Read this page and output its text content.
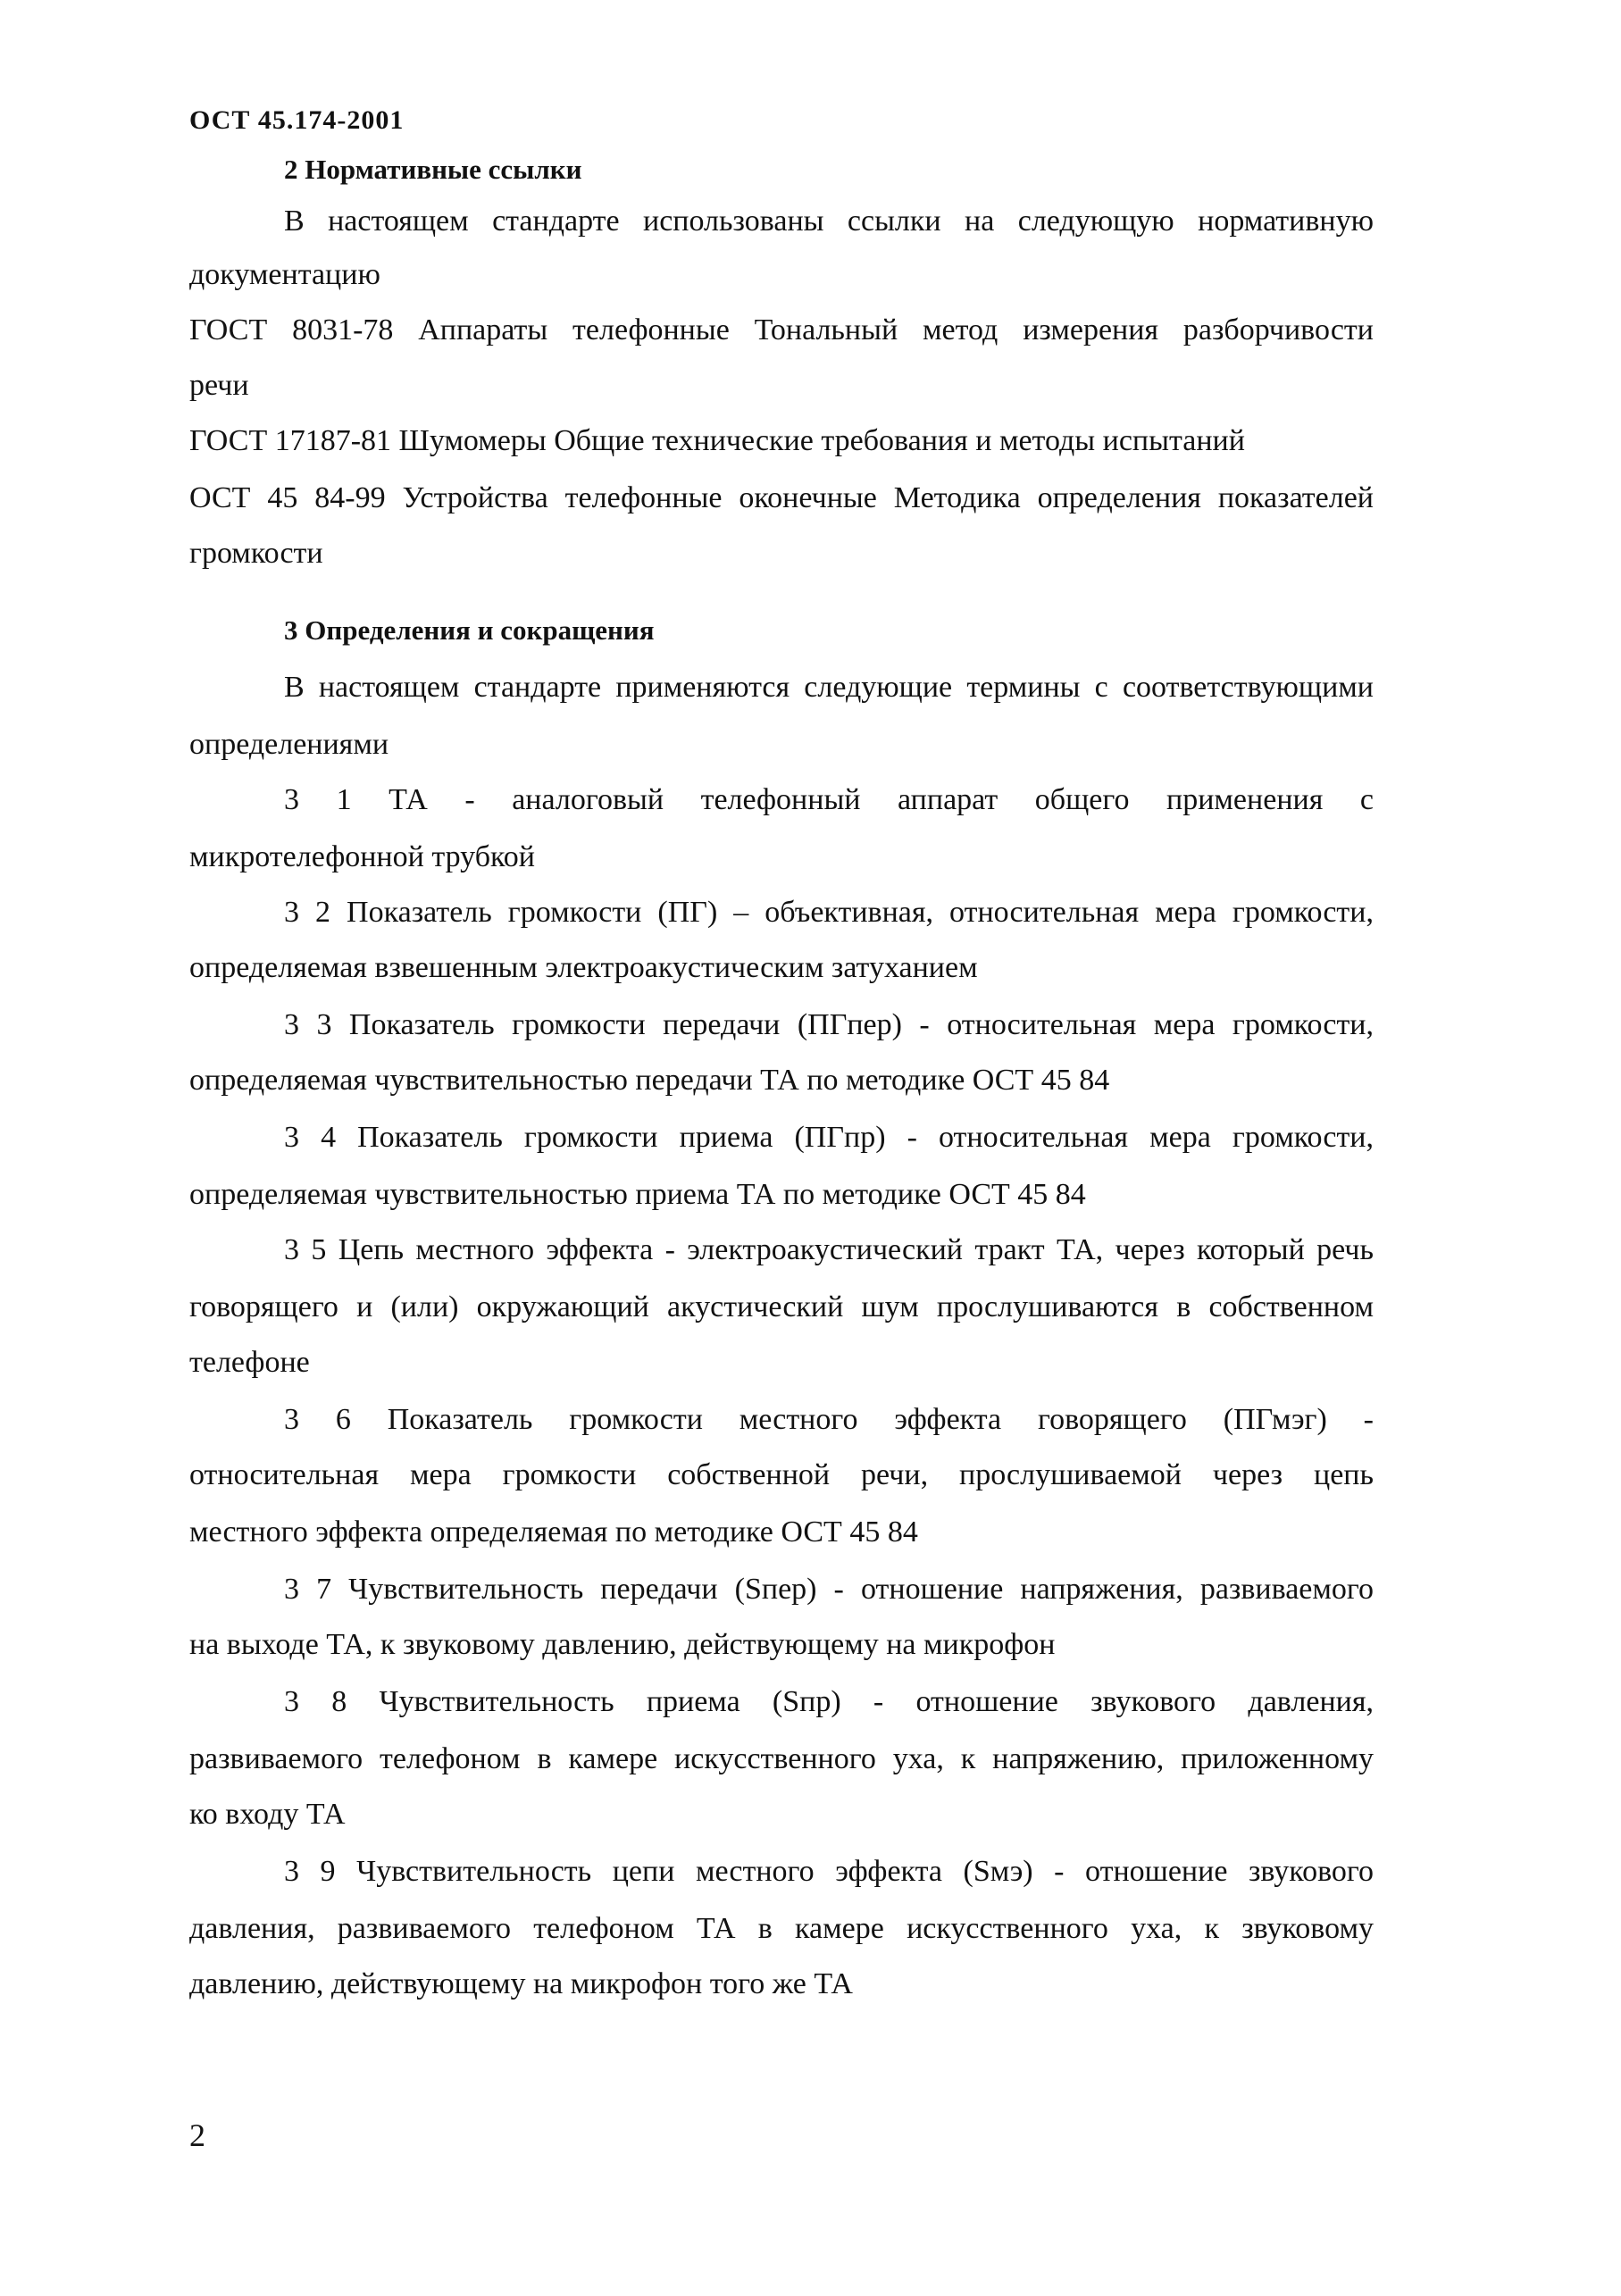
ОСТ 45.174-2001
2 Нормативные ссылки
В настоящем стандарте использованы ссылки на следующую нормативную
документацию
ГОСТ 8031-78 Аппараты телефонные Тональный метод измерения разборчивости
речи
ГОСТ 17187-81 Шумомеры Общие технические требования и методы испытаний
ОСТ 45 84-99 Устройства телефонные оконечные Методика определения показателей
громкости
3 Определения и сокращения
В настоящем стандарте применяются следующие термины с соответствующими
определениями
3 1 ТА - аналоговый телефонный аппарат общего применения с
микротелефонной трубкой
3 2 Показатель громкости (ПГ) – объективная, относительная мера громкости,
определяемая взвешенным электроакустическим затуханием
3 3 Показатель громкости передачи (ПГпер) - относительная мера громкости,
определяемая чувствительностью передачи ТА по методике ОСТ 45 84
3 4 Показатель громкости приема (ПГпр) - относительная мера громкости,
определяемая чувствительностью приема ТА по методике ОСТ 45 84
3 5 Цепь местного эффекта - электроакустический тракт ТА, через который речь
говорящего и (или) окружающий акустический шум прослушиваются в собственном
телефоне
3 6 Показатель громкости местного эффекта говорящего (ПГмэг) -
относительная мера громкости собственной речи, прослушиваемой через цепь
местного эффекта определяемая по методике ОСТ 45 84
3 7 Чувствительность передачи (Sпер) - отношение напряжения, развиваемого
на выходе ТА, к звуковому давлению, действующему на микрофон
3 8 Чувствительность приема (Sпр) - отношение звукового давления,
развиваемого телефоном в камере искусственного уха, к напряжению, приложенному
ко входу ТА
3 9 Чувствительность цепи местного эффекта (Sмэ) - отношение звукового
давления, развиваемого телефоном ТА в камере искусственного уха, к звуковому
давлению, действующему на микрофон того же ТА
2
